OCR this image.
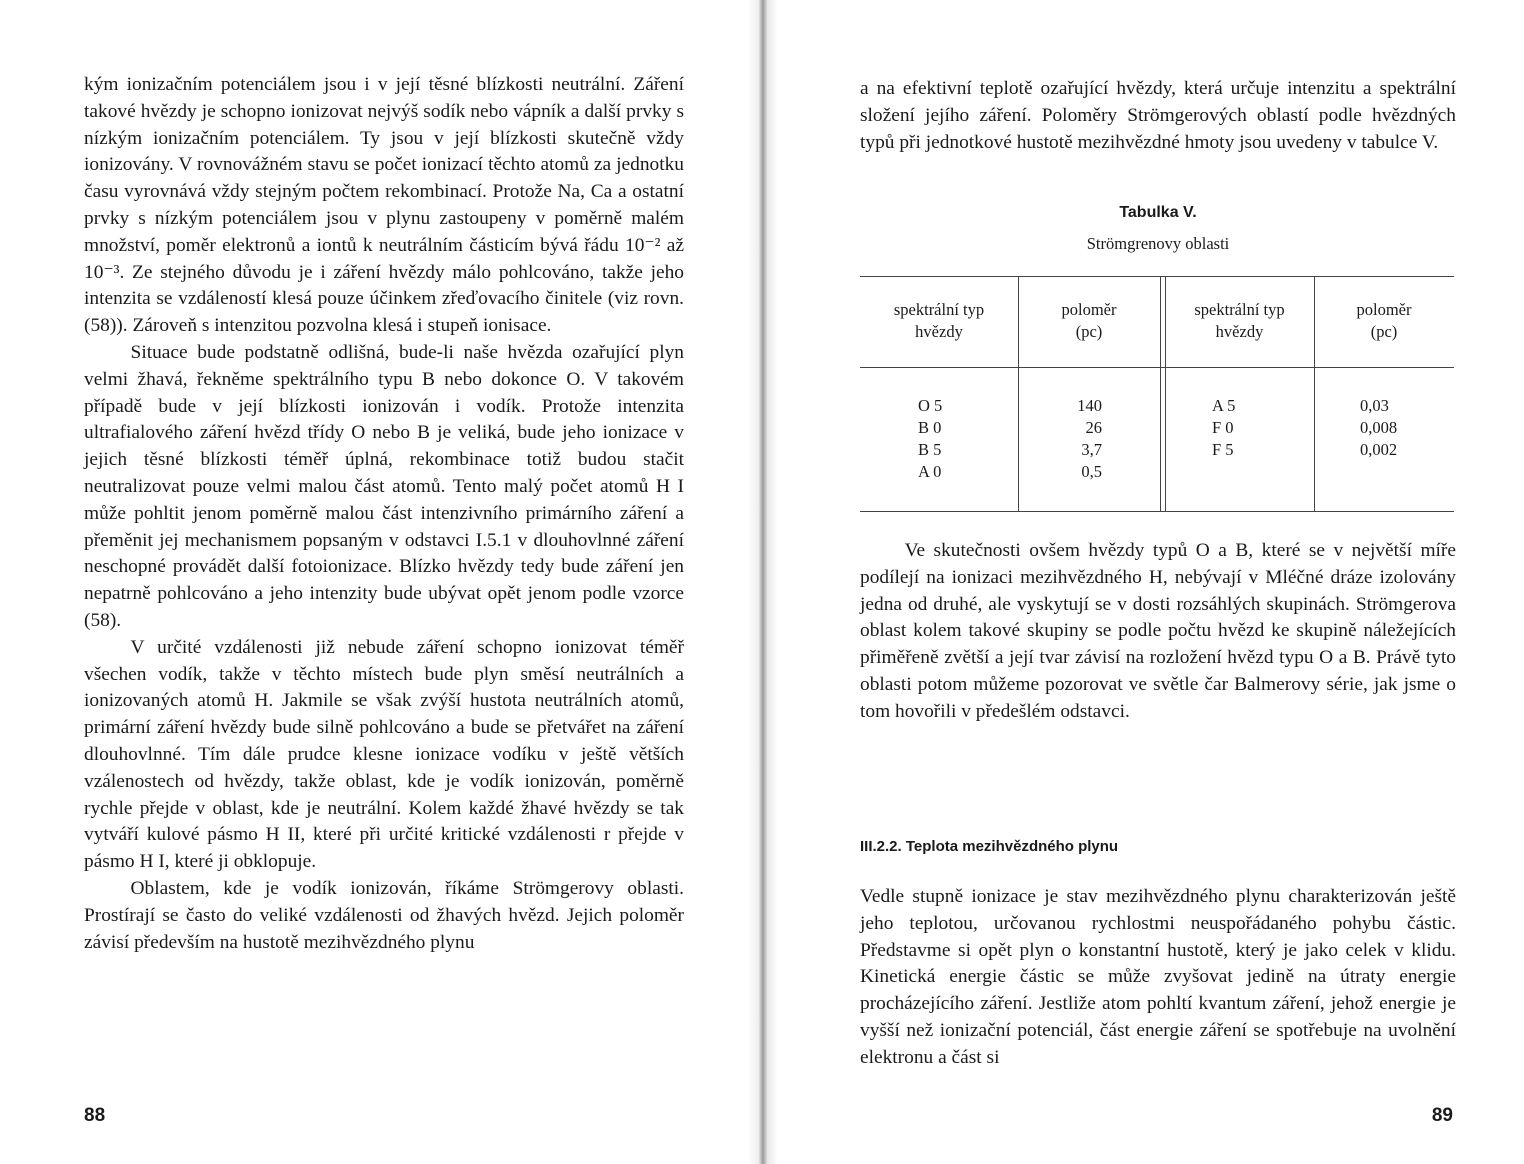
kým ionizačním potenciálem jsou i v její těsné blízkosti neutrální. Záření takové hvězdy je schopno ionizovat nejvýš sodík nebo vápník a další prvky s nízkým ionizačním potenciálem. Ty jsou v její blízkosti skutečně vždy ionizovány. V rovnovážném stavu se počet ionizací těchto atomů za jednotku času vyrovnává vždy stejným počtem rekombinací. Protože Na, Ca a ostatní prvky s nízkým potenciálem jsou v plynu zastoupeny v poměrně malém množství, poměr elektronů a iontů k neutrálním částicím bývá řádu 10⁻² až 10⁻³. Ze stejného důvodu je i záření hvězdy málo pohlcováno, takže jeho intenzita se vzdáleností klesá pouze účinkem zřeďovacího činitele (viz rovn. (58)). Zároveň s intenzitou pozvolna klesá i stupeň ionisace.

Situace bude podstatně odlišná, bude-li naše hvězda ozařující plyn velmi žhavá, řekněme spektrálního typu B nebo dokonce O. V takovém případě bude v její blízkosti ionizován i vodík. Protože intenzita ultrafialového záření hvězd třídy O nebo B je veliká, bude jeho ionizace v jejich těsné blízkosti téměř úplná, rekombinace totiž budou stačit neutralizovat pouze velmi malou část atomů. Tento malý počet atomů H I může pohltit jenom poměrně malou část intenzivního primárního záření a přeměnit jej mechanismem popsaným v odstavci I.5.1 v dlouhovlnné záření neschopné provádět další fotoionizace. Blízko hvězdy tedy bude záření jen nepatrně pohlcováno a jeho intenzity bude ubývat opět jenom podle vzorce (58).

V určité vzdálenosti již nebude záření schopno ionizovat téměř všechen vodík, takže v těchto místech bude plyn směsí neutrálních a ionizovaných atomů H. Jakmile se však zvýší hustota neutrálních atomů, primární záření hvězdy bude silně pohlcováno a bude se přetvářet na záření dlouhovlnné. Tím dále prudce klesne ionizace vodíku v ještě větších vzálenostech od hvězdy, takže oblast, kde je vodík ionizován, poměrně rychle přejde v oblast, kde je neutrální. Kolem každé žhavé hvězdy se tak vytváří kulové pásmo H II, které při určité kritické vzdálenosti r přejde v pásmo H I, které ji obklopuje.

Oblastem, kde je vodík ionizován, říkáme Strömgerovy oblasti. Prostírají se často do veliké vzdálenosti od žhavých hvězd. Jejich poloměr závisí především na hustotě mezihvězdného plynu

88

a na efektivní teplotě ozařující hvězdy, která určuje intenzitu a spektrální složení jejího záření. Poloměry Strömgerových oblastí podle hvězdných typů při jednotkové hustotě mezihvězdné hmoty jsou uvedeny v tabulce V.

Tabulka V.
Strömgrenovy oblasti
spektrální typ
hvězdy
poloměr
(pc)
spektrální typ
hvězdy
poloměr
(pc)
O 5
B 0
B 5
A 0
140
26
3,7
0,5
A 5
F 0
F 5
0,03
0,008
0,002

Ve skutečnosti ovšem hvězdy typů O a B, které se v největší míře podílejí na ionizaci mezihvězdného H, nebývají v Mléčné dráze izolovány jedna od druhé, ale vyskytují se v dosti rozsáhlých skupinách. Strömgerova oblast kolem takové skupiny se podle počtu hvězd ke skupině náležejících přiměřeně zvětší a její tvar závisí na rozložení hvězd typu O a B. Právě tyto oblasti potom můžeme pozorovat ve světle čar Balmerovy série, jak jsme o tom hovořili v předešlém odstavci.

III.2.2. Teplota mezihvězdného plynu

Vedle stupně ionizace je stav mezihvězdného plynu charakterizován ještě jeho teplotou, určovanou rychlostmi neuspořádaného pohybu částic. Představme si opět plyn o konstantní hustotě, který je jako celek v klidu. Kinetická energie částic se může zvyšovat jedině na útraty energie procházejícího záření. Jestliže atom pohltí kvantum záření, jehož energie je vyšší než ionizační potenciál, část energie záření se spotřebuje na uvolnění elektronu a část si

89
